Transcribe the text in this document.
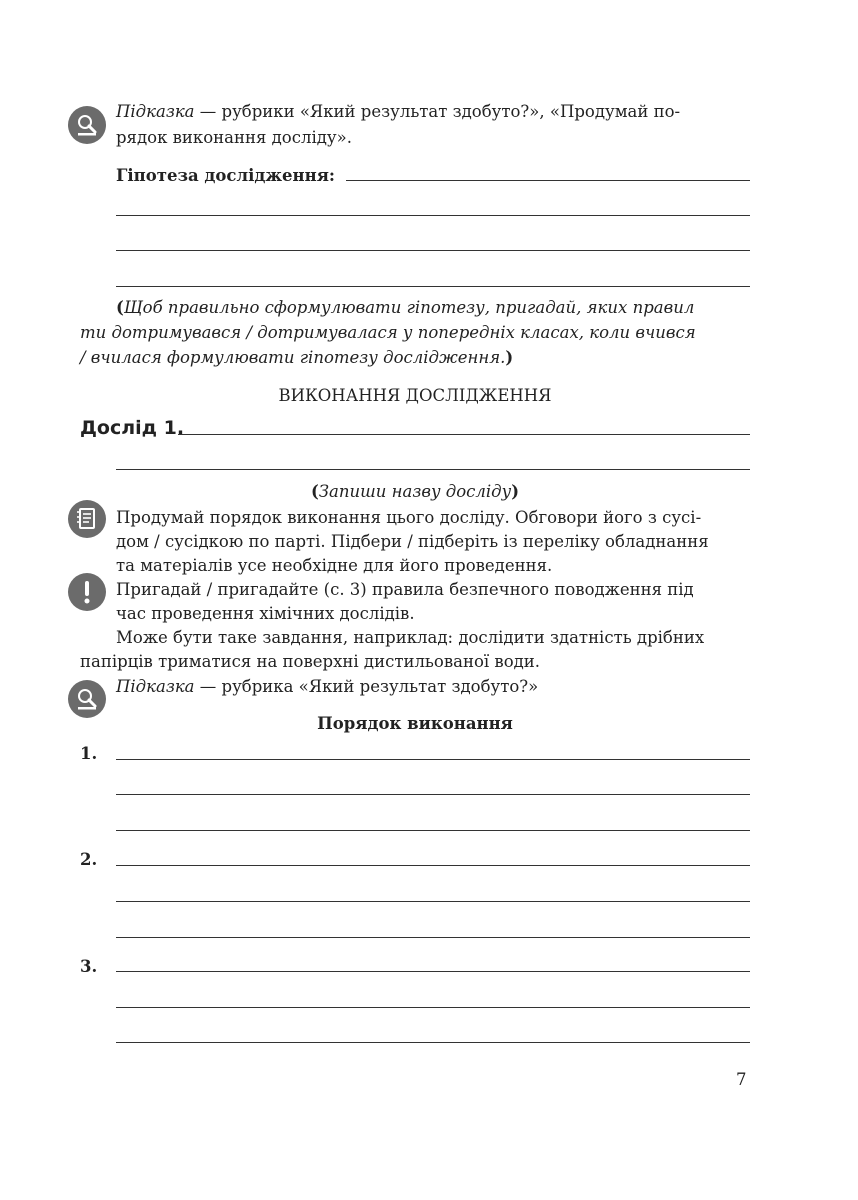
Підказка — рубрики «Який результат здобуто?», «Продумай по-
рядок виконання досліду».
Гіпотеза дослідження:
(Щоб правильно сформулювати гіпотезу, пригадай, яких правил
ти дотримувався / дотримувалася у попередніх класах, коли вчився
/ вчилася формулювати гіпотезу дослідження.)
ВИКОНАННЯ ДОСЛІДЖЕННЯ
Дослід 1.
(Запиши назву досліду)
Продумай порядок виконання цього досліду. Обговори його з сусі-
дом / сусідкою по парті. Підбери / підберіть із переліку обладнання
та матеріалів усе необхідне для його проведення.
Пригадай / пригадайте (с. 3) правила безпечного поводження під
час проведення хімічних дослідів.
Може бути таке завдання, наприклад: дослідити здатність дрібних
папірців триматися на поверхні дистильованої води.
Підказка — рубрика «Який результат здобуто?»
Порядок виконання
1.
2.
3.
7
